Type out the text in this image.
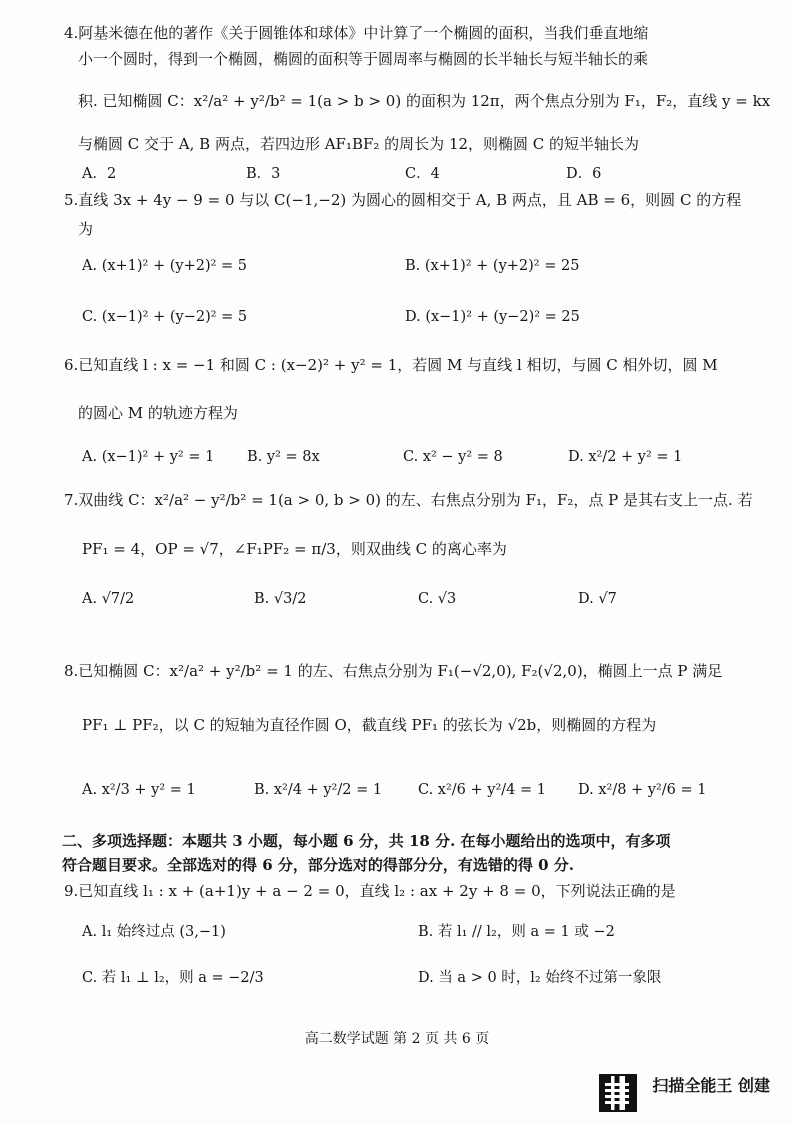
4.阿基米德在他的著作《关于圆锥体和球体》中计算了一个椭圆的面积，当我们垂直地缩
小一个圆时，得到一个椭圆，椭圆的面积等于圆周率与椭圆的长半轴长与短半轴长的乘
积. 已知椭圆 C：x²/a² + y²/b² = 1(a > b > 0) 的面积为 12π，两个焦点分别为 F₁，F₂，直线 y = kx
与椭圆 C 交于 A, B 两点，若四边形 AF₁BF₂ 的周长为 12，则椭圆 C 的短半轴长为
A．2	B．3	C．4	D．6
5.直线 3x + 4y − 9 = 0 与以 C(−1,−2) 为圆心的圆相交于 A, B 两点，且 AB = 6，则圆 C 的方程
为
A. (x+1)² + (y+2)² = 5	B. (x+1)² + (y+2)² = 25
C. (x−1)² + (y−2)² = 5	D. (x−1)² + (y−2)² = 25
6.已知直线 l : x = −1 和圆 C : (x−2)² + y² = 1，若圆 M 与直线 l 相切，与圆 C 相外切，圆 M
的圆心 M 的轨迹方程为
A. (x−1)² + y² = 1 B. y² = 8x	C. x² − y² = 8	D. x²/2 + y² = 1
7.双曲线 C：x²/a² − y²/b² = 1(a > 0, b > 0) 的左、右焦点分别为 F₁，F₂，点 P 是其右支上一点. 若
PF₁ = 4，OP = √7，∠F₁PF₂ = π/3，则双曲线 C 的离心率为
A. √7/2	B. √3/2	C. √3	D. √7
8.已知椭圆 C：x²/a² + y²/b² = 1 的左、右焦点分别为 F₁(−√2,0), F₂(√2,0)，椭圆上一点 P 满足
PF₁ ⊥ PF₂，以 C 的短轴为直径作圆 O，截直线 PF₁ 的弦长为 √2b，则椭圆的方程为
A. x²/3 + y² = 1	B. x²/4 + y²/2 = 1 C. x²/6 + y²/4 = 1 D. x²/8 + y²/6 = 1
二、多项选择题：本题共 3 小题，每小题 6 分，共 18 分. 在每小题给出的选项中，有多项
符合题目要求。全部选对的得 6 分，部分选对的得部分分，有选错的得 0 分.
9.已知直线 l₁ : x + (a+1)y + a − 2 = 0，直线 l₂ : ax + 2y + 8 = 0，下列说法正确的是
A. l₁ 始终过点 (3,−1)	B. 若 l₁ // l₂，则 a = 1 或 −2
C. 若 l₁ ⊥ l₂，则 a = −2/3	D. 当 a > 0 时，l₂ 始终不过第一象限
高二数学试题 第 2 页 共 6 页
扫描全能王 创建
